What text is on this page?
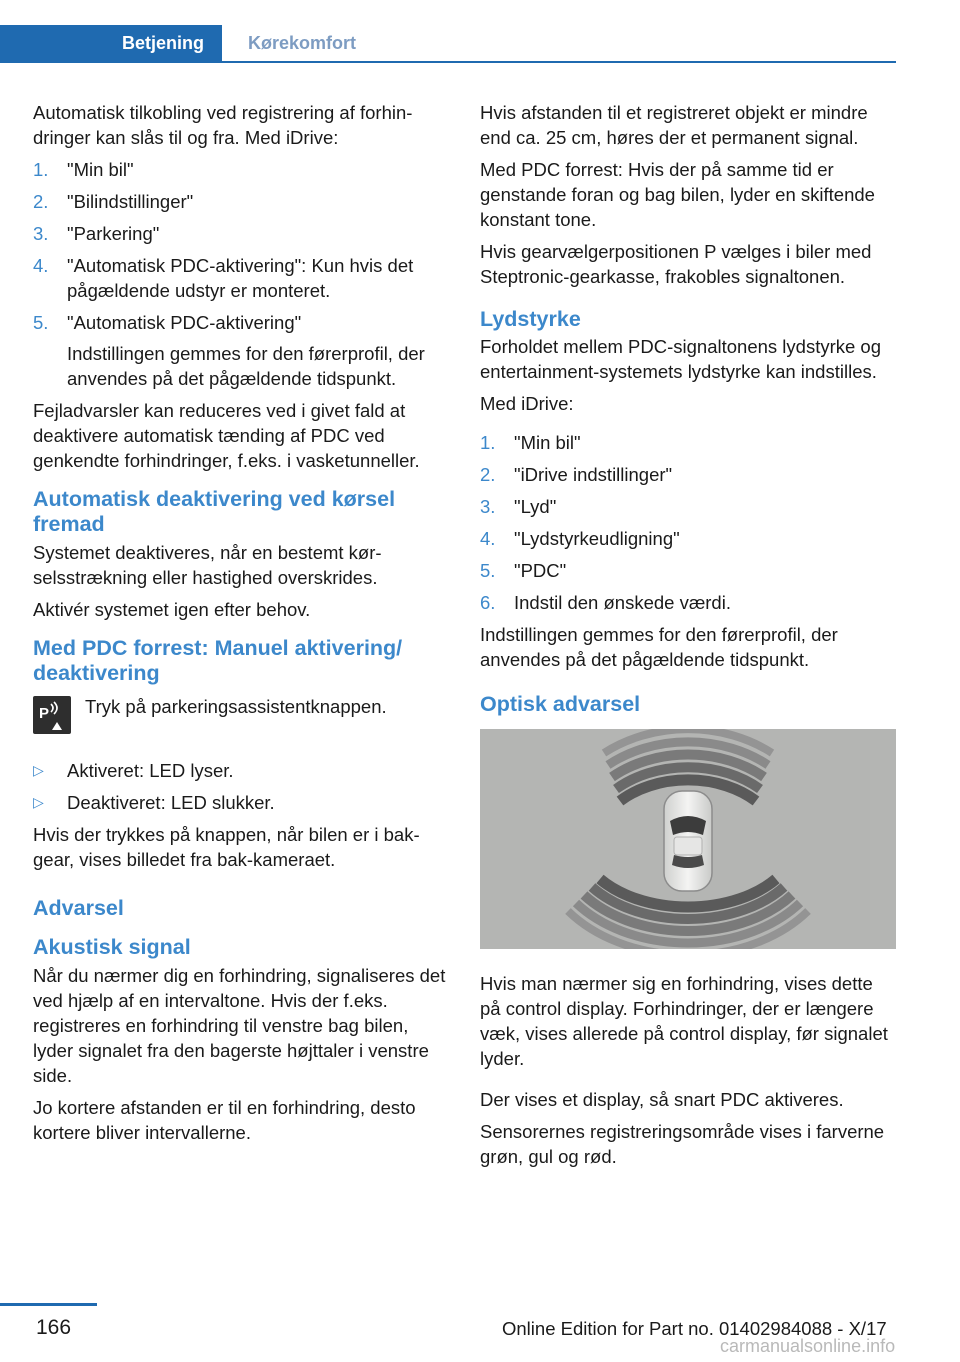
Betjening	Kørekomfort

Automatisk tilkobling ved registrering af forhindringer kan slås til og fra. Med iDrive:

1. "Min bil"
2. "Bilindstillinger"
3. "Parkering"
4. "Automatisk PDC-aktivering": Kun hvis det pågældende udstyr er monteret.
5. "Automatisk PDC-aktivering"
Indstillingen gemmes for den førerprofil, der anvendes på det pågældende tidspunkt.

Fejladvarsler kan reduceres ved i givet fald at deaktivere automatisk tænding af PDC ved genkendte forhindringer, f.eks. i vasketunneller.

Automatisk deaktivering ved kørsel fremad

Systemet deaktiveres, når en bestemt kørselsstrækning eller hastighed overskrides.

Aktivér systemet igen efter behov.

Med PDC forrest: Manuel aktivering/ deaktivering
P	Tryk på parkeringsassistentknappen.
▷ Aktiveret: LED lyser.
▷ Deaktiveret: LED slukker.

Hvis der trykkes på knappen, når bilen er i bakgear, vises billedet fra bak-kameraet.

Advarsel
Akustisk signal

Når du nærmer dig en forhindring, signaliseres det ved hjælp af en intervaltone. Hvis der f.eks. registreres en forhindring til venstre bag bilen, lyder signalet fra den bagerste højttaler i venstre side.

Jo kortere afstanden er til en forhindring, desto kortere bliver intervallerne.

Hvis afstanden til et registreret objekt er mindre end ca. 25 cm, høres der et permanent signal.

Med PDC forrest: Hvis der på samme tid er genstande foran og bag bilen, lyder en skiftende konstant tone.

Hvis gearvælgerpositionen P vælges i biler med Steptronic-gearkasse, frakobles signaltonen.

Lydstyrke

Forholdet mellem PDC-signaltonens lydstyrke og entertainment-systemets lydstyrke kan indstilles.

Med iDrive:

1. "Min bil"
2. "iDrive indstillinger"
3. "Lyd"
4. "Lydstyrkeudligning"
5. "PDC"
6. Indstil den ønskede værdi.

Indstillingen gemmes for den førerprofil, der anvendes på det pågældende tidspunkt.

Optisk advarsel

Hvis man nærmer sig en forhindring, vises dette på control display. Forhindringer, der er længere væk, vises allerede på control display, før signalet lyder.

Der vises et display, så snart PDC aktiveres.

Sensorernes registreringsområde vises i farverne grøn, gul og rød.

166	Online Edition for Part no. 01402984088 - X/17
carmanualsonline.info
